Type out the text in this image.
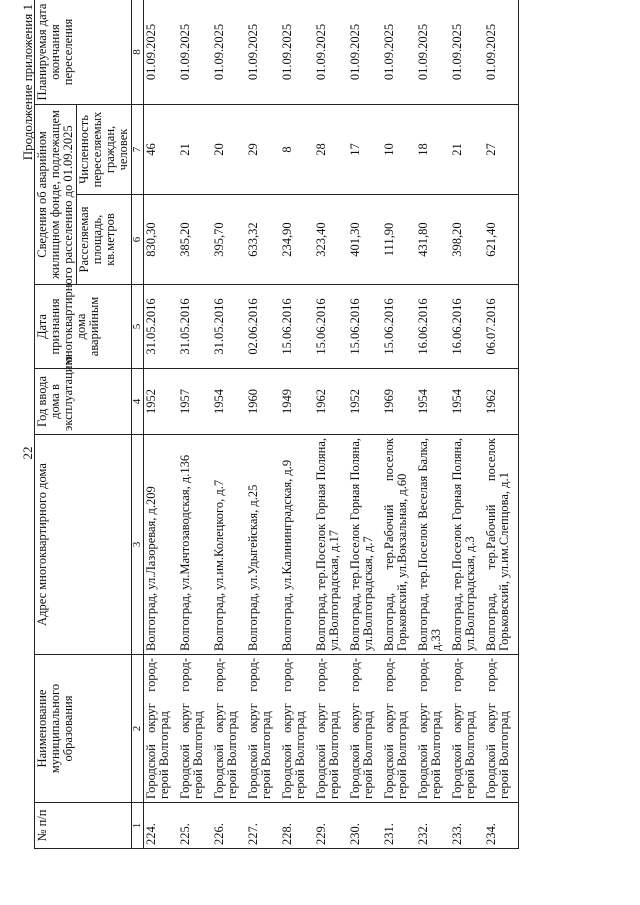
22
Продолжение приложения 1
№ п/п	Наименование муниципального образования	Адрес многоквартирного дома	Год ввода дома в эксплуатацию	Дата признания многоквартирного дома аварийным	Сведения об аварийном жилищном фонде, подлежащем расселению до 01.09.2025		Планируемая дата окончания переселения
					Расселяемая площадь, кв.метров	Численность переселяемых граждан, человек	
1	2	3	4	5	6	7	8
224.	Городской округ город-герой Волгоград	Волгоград, ул.Лазоревая, д.209	1952	31.05.2016	830,30	46	01.09.2025
225.	Городской округ город-герой Волгоград	Волгоград, ул.Мачтозаводская, д.136	1957	31.05.2016	385,20	21	01.09.2025
226.	Городской округ город-герой Волгоград	Волгоград, ул.им.Колецкого, д.7	1954	31.05.2016	395,70	20	01.09.2025
227.	Городской округ город-герой Волгоград	Волгоград, ул.Удыгейская, д.25	1960	02.06.2016	633,32	29	01.09.2025
228.	Городской округ город-герой Волгоград	Волгоград, ул.Калининградская, д.9	1949	15.06.2016	234,90	8	01.09.2025
229.	Городской округ город-герой Волгоград	Волгоград, тер.Поселок Горная Поляна, ул.Волгоградская, д.17	1962	15.06.2016	323,40	28	01.09.2025
230.	Городской округ город-герой Волгоград	Волгоград, тер.Поселок Горная Поляна, ул.Волгоградская, д.7	1952	15.06.2016	401,30	17	01.09.2025
231.	Городской округ город-герой Волгоград	Волгоград, тер.Рабочий поселок Горьковский, ул.Вокзальная, д.60	1969	15.06.2016	111,90	10	01.09.2025
232.	Городской округ город-герой Волгоград	Волгоград, тер.Поселок Веселая Балка, д.33	1954	16.06.2016	431,80	18	01.09.2025
233.	Городской округ город-герой Волгоград	Волгоград, тер.Поселок Горная Поляна, ул.Волгоградская, д.3	1954	16.06.2016	398,20	21	01.09.2025
234.	Городской округ город-герой Волгоград	Волгоград, тер.Рабочий поселок Горьковский, ул.им.Слепцова, д.1	1962	06.07.2016	621,40	27	01.09.2025
